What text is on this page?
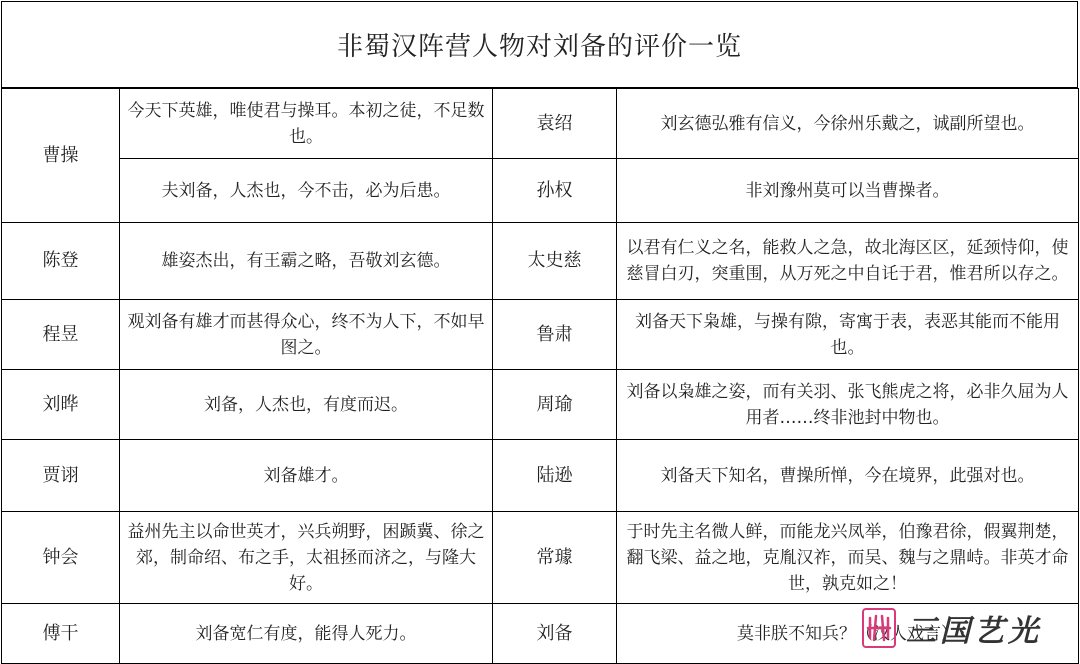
非蜀汉阵营人物对刘备的评价一览
曹操	今天下英雄，唯使君与操耳。本初之徒，不足数也。	袁绍	刘玄德弘雅有信义，今徐州乐戴之，诚副所望也。
	夫刘备，人杰也，今不击，必为后患。	孙权	非刘豫州莫可以当曹操者。
陈登	雄姿杰出，有王霸之略，吾敬刘玄德。	太史慈	以君有仁义之名，能救人之急，故北海区区，延颈恃仰，使慈冒白刃，突重围，从万死之中自讬于君，惟君所以存之。
程昱	观刘备有雄才而甚得众心，终不为人下，不如早图之。	鲁肃	刘备天下枭雄，与操有隙，寄寓于表，表恶其能而不能用也。
刘晔	刘备，人杰也，有度而迟。	周瑜	刘备以枭雄之姿，而有关羽、张飞熊虎之将，必非久屈为人用者……终非池封中物也。
贾诩	刘备雄才。	陆逊	刘备天下知名，曹操所惮，今在境界，此强对也。
钟会	益州先主以命世英才，兴兵朔野，困踬冀、徐之郊，制命绍、布之手，太祖拯而济之，与隆大好。	常璩	于时先主名微人鲜，而能龙兴凤举，伯豫君徐，假翼荆楚，翻飞梁、益之地，克胤汉祚，而吴、魏与之鼎峙。非英才命世，孰克如之！
傅干	刘备宽仁有度，能得人死力。	刘备	莫非朕不知兵？（汉人戏言）
三国艺光
